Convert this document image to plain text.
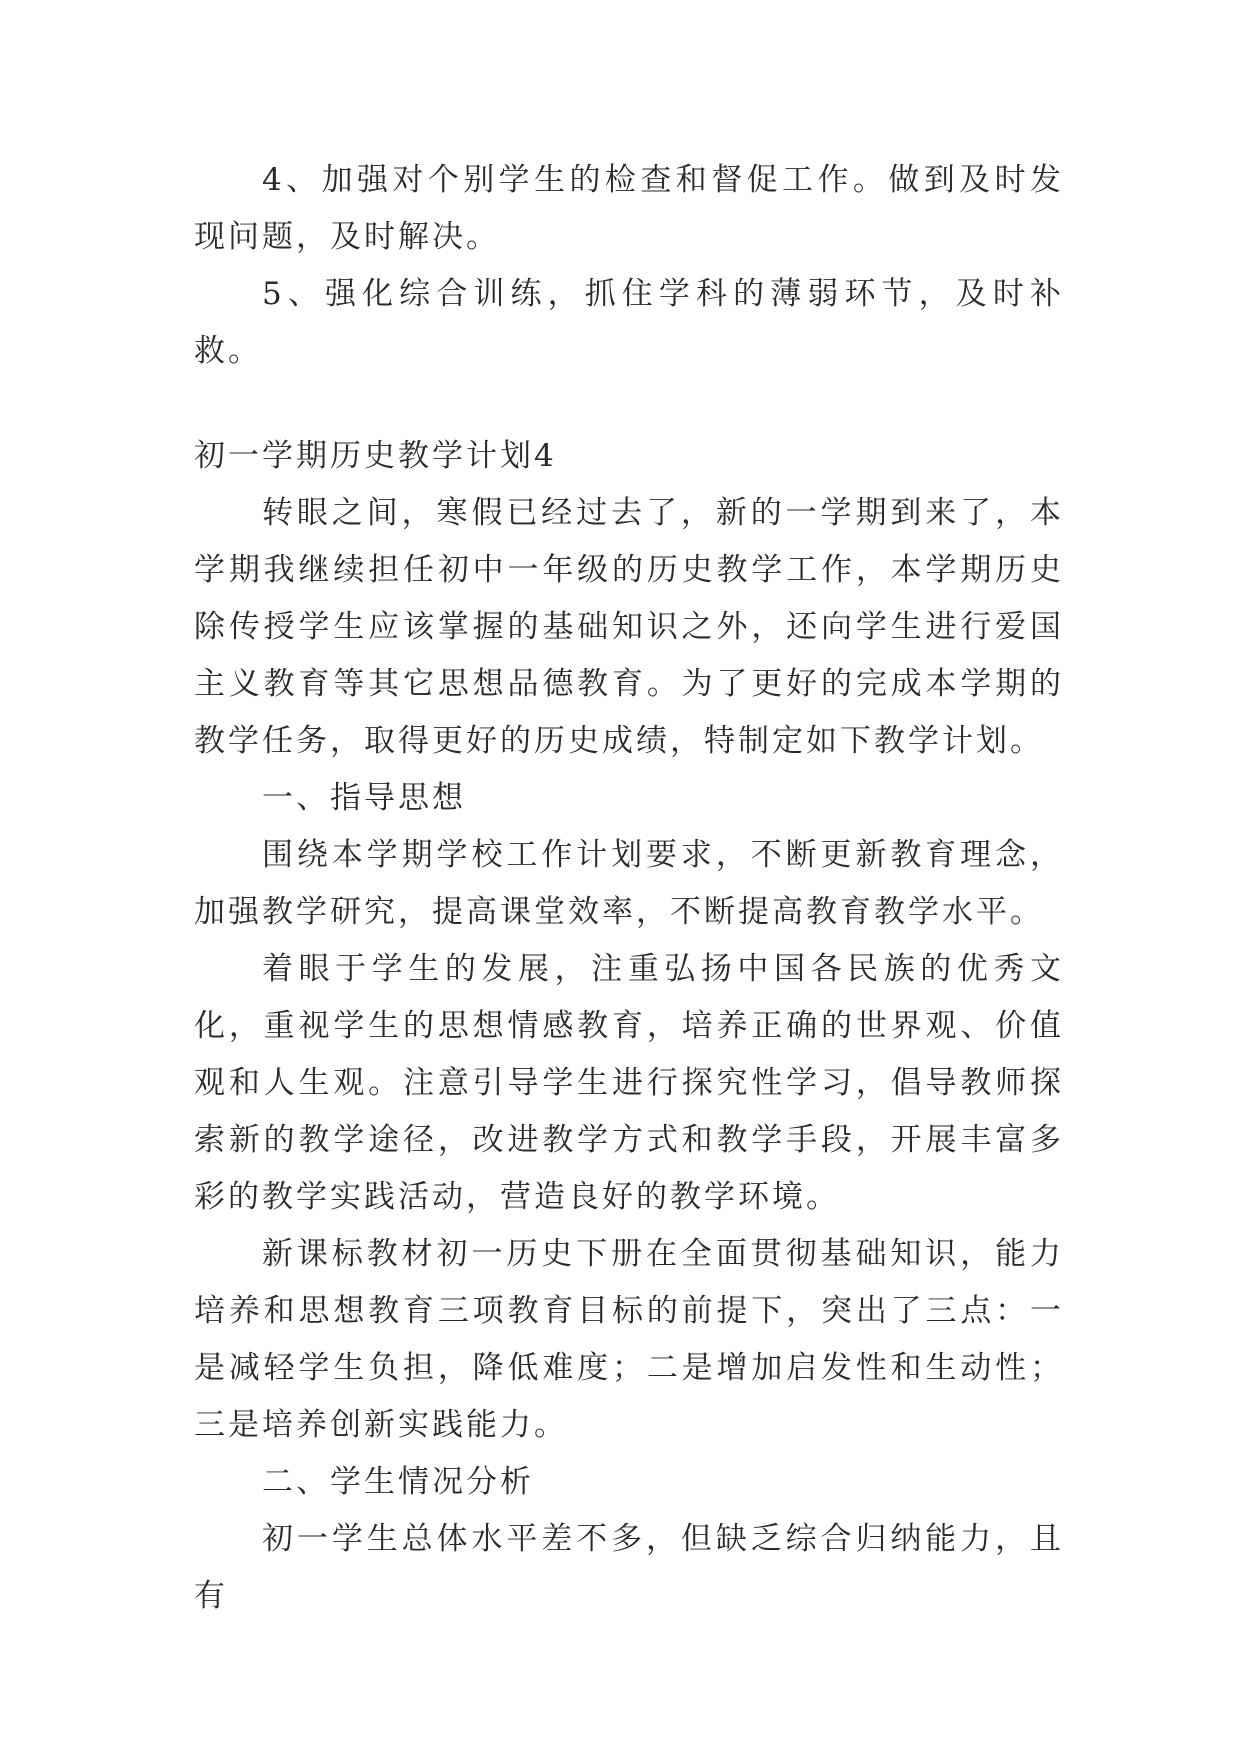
4、加强对个别学生的检查和督促工作。做到及时发现问题，及时解决。

5、强化综合训练，抓住学科的薄弱环节，及时补救。

初一学期历史教学计划4

转眼之间，寒假已经过去了，新的一学期到来了，本学期我继续担任初中一年级的历史教学工作，本学期历史除传授学生应该掌握的基础知识之外，还向学生进行爱国主义教育等其它思想品德教育。为了更好的完成本学期的教学任务，取得更好的历史成绩，特制定如下教学计划。

一、指导思想

围绕本学期学校工作计划要求，不断更新教育理念，加强教学研究，提高课堂效率，不断提高教育教学水平。

着眼于学生的发展，注重弘扬中国各民族的优秀文化，重视学生的思想情感教育，培养正确的世界观、价值观和人生观。注意引导学生进行探究性学习，倡导教师探索新的教学途径，改进教学方式和教学手段，开展丰富多彩的教学实践活动，营造良好的教学环境。

新课标教材初一历史下册在全面贯彻基础知识，能力培养和思想教育三项教育目标的前提下，突出了三点：一是减轻学生负担，降低难度；二是增加启发性和生动性；三是培养创新实践能力。

二、学生情况分析

初一学生总体水平差不多，但缺乏综合归纳能力，且有
